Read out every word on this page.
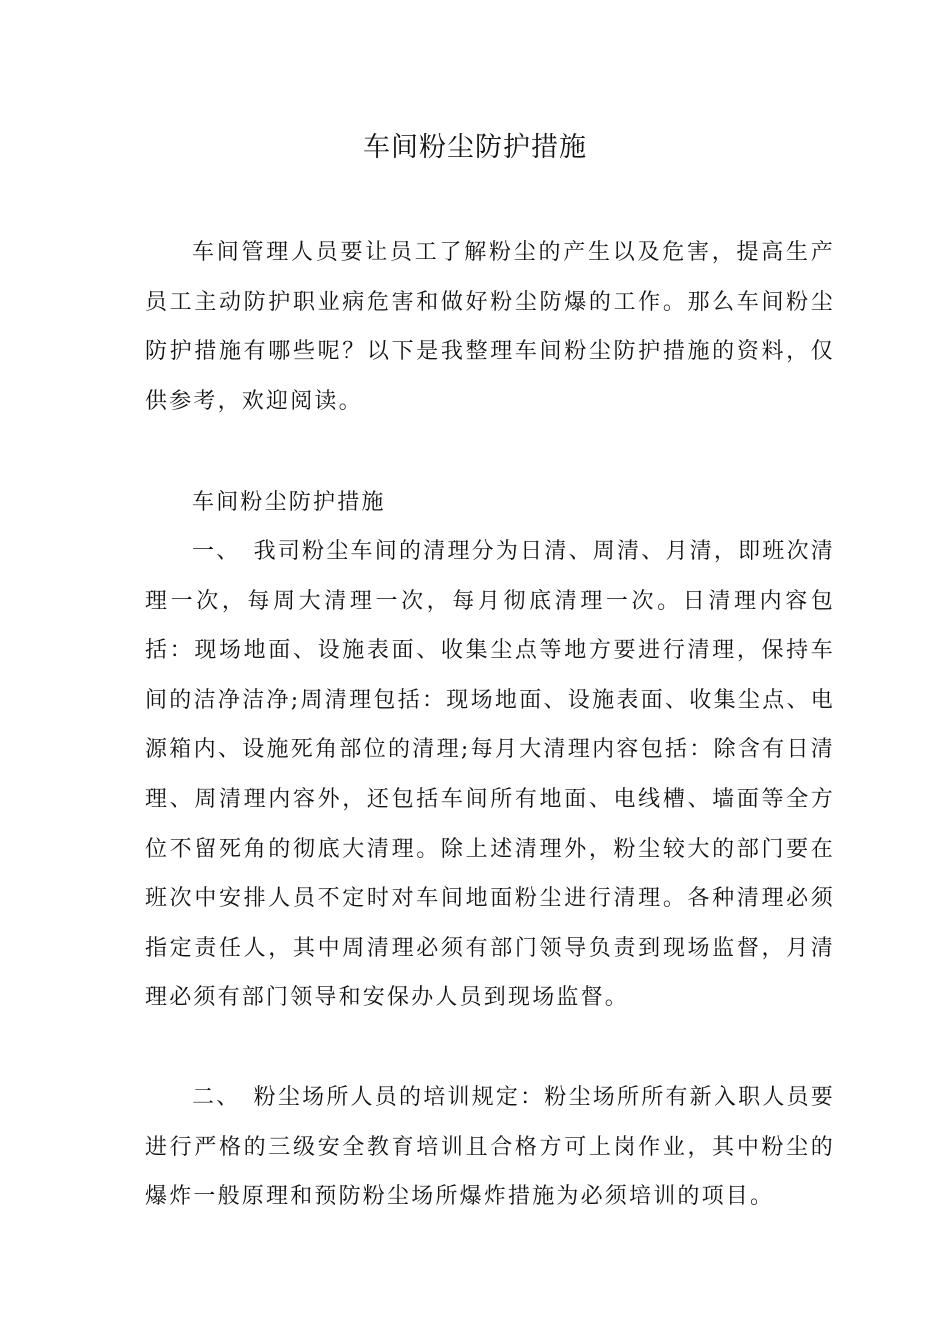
车间粉尘防护措施

车间管理人员要让员工了解粉尘的产生以及危害，提高生产员工主动防护职业病危害和做好粉尘防爆的工作。那么车间粉尘防护措施有哪些呢？以下是我整理车间粉尘防护措施的资料，仅供参考，欢迎阅读。

车间粉尘防护措施

一、　我司粉尘车间的清理分为日清、周清、月清，即班次清理一次，每周大清理一次，每月彻底清理一次。日清理内容包括：现场地面、设施表面、收集尘点等地方要进行清理，保持车间的洁净洁净;周清理包括：现场地面、设施表面、收集尘点、电源箱内、设施死角部位的清理;每月大清理内容包括：除含有日清理、周清理内容外，还包括车间所有地面、电线槽、墙面等全方位不留死角的彻底大清理。除上述清理外，粉尘较大的部门要在班次中安排人员不定时对车间地面粉尘进行清理。各种清理必须指定责任人，其中周清理必须有部门领导负责到现场监督，月清理必须有部门领导和安保办人员到现场监督。

二、　粉尘场所人员的培训规定：粉尘场所所有新入职人员要进行严格的三级安全教育培训且合格方可上岗作业，其中粉尘的爆炸一般原理和预防粉尘场所爆炸措施为必须培训的项目。
